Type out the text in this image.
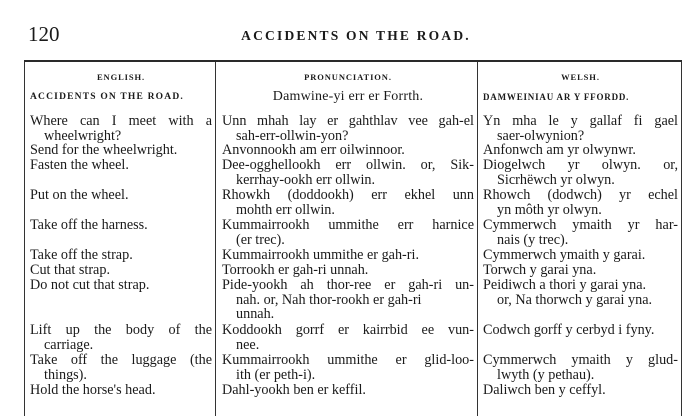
120	ACCIDENTS ON THE ROAD.
ENGLISH.
ACCIDENTS ON THE ROAD.
Where can I meet with a
wheelwright?
Send for the wheelwright.
Fasten the wheel.
Put on the wheel.
Take off the harness.
Take off the strap.
Cut that strap.
Do not cut that strap.
Lift up the body of the
carriage.
Take off the luggage (the
things).
Hold the horse's head.
PRONUNCIATION.
Damwine-yi err er Forrth.
Unn mhah lay er gahthlav vee gah-el
sah-err-ollwin-yon?
Anvonnookh am err oilwinnoor.
Dee-ogghellookh err ollwin. or, Sik-
kerrhay-ookh err ollwin.
Rhowkh (doddookh) err ekhel unn
mohth err ollwin.
Kummairrookh ummithe err harnice
(er trec).
Kummairrookh ummithe er gah-ri.
Torrookh er gah-ri unnah.
Pide-yookh ah thor-ree er gah-ri un-
nah. or, Nah thor-rookh er gah-ri
unnah.
Koddookh gorrf er kairrbid ee vun-
nee.
Kummairrookh ummithe er glid-loo-
ith (er peth-i).
Dahl-yookh ben er keffil.
WELSH.
DAMWEINIAU AR Y FFORDD.
Yn mha le y gallaf fi gael
saer-olwynion?
Anfonwch am yr olwynwr.
Diogelwch yr olwyn. or,
Sicrhëwch yr olwyn.
Rhowch (dodwch) yr echel
yn môth yr olwyn.
Cymmerwch ymaith yr har-
nais (y trec).
Cymmerwch ymaith y garai.
Torwch y garai yna.
Peidiwch a thori y garai yna.
or, Na thorwch y garai yna.
Codwch gorff y cerbyd i fyny.
Cymmerwch ymaith y glud-
lwyth (y pethau).
Daliwch ben y ceffyl.
